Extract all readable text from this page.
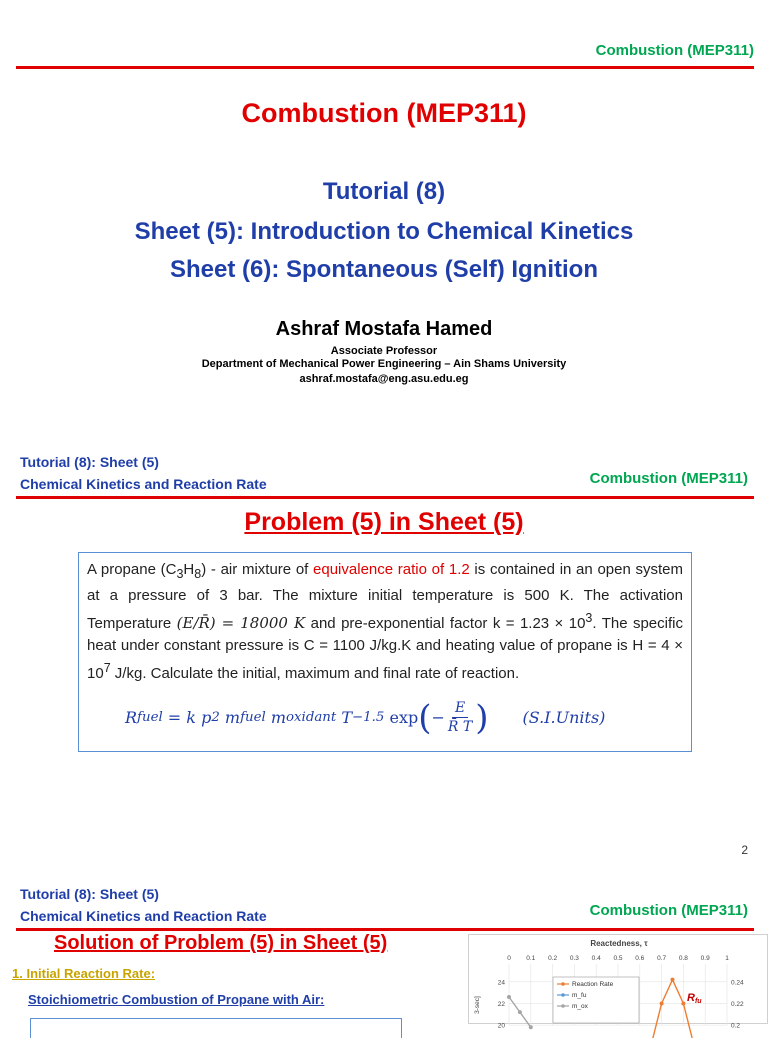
Combustion (MEP311)
Combustion (MEP311)
Tutorial (8)
Sheet (5): Introduction to Chemical Kinetics
Sheet (6): Spontaneous (Self) Ignition
Ashraf Mostafa Hamed
Associate Professor
Department of Mechanical Power Engineering – Ain Shams University
ashraf.mostafa@eng.asu.edu.eg
Tutorial (8): Sheet (5)
Chemical Kinetics and Reaction Rate	Combustion (MEP311)
Problem (5) in Sheet (5)
A propane $(C_3H_8)$ - air mixture of equivalence ratio of 1.2 is contained in an open system at a pressure of 3 bar. The mixture initial temperature is 500 K. The activation Temperature (E/R̄) = 18000 K and pre-exponential factor $k = 1.23 \times 10^3$. The specific heat under constant pressure is C = 1100 J/kg.K and heating value of propane is $H = 4 \times 10^7$ J/kg. Calculate the initial, maximum and final rate of reaction.
R fuel = k p 2 m fuel m oxidant T −1.5 exp ( − $\frac{E}{R̄ T}$ ) (S.I.Units)
2
Tutorial (8): Sheet (5)
Chemical Kinetics and Reaction Rate	Combustion (MEP311)
Solution of Problem (5) in Sheet (5)
1. Initial Reaction Rate:
Stoichiometric Combustion of Propane with Air:
Reactedness, τ
0 0.1 0.2 0.3 0.4 0.5 0.6 0.7 0.8 0.9 1
24
22
20
0.24
0.22
0.2
3-sec]
Reaction Rate
m_fu
m_ox
Rfu
